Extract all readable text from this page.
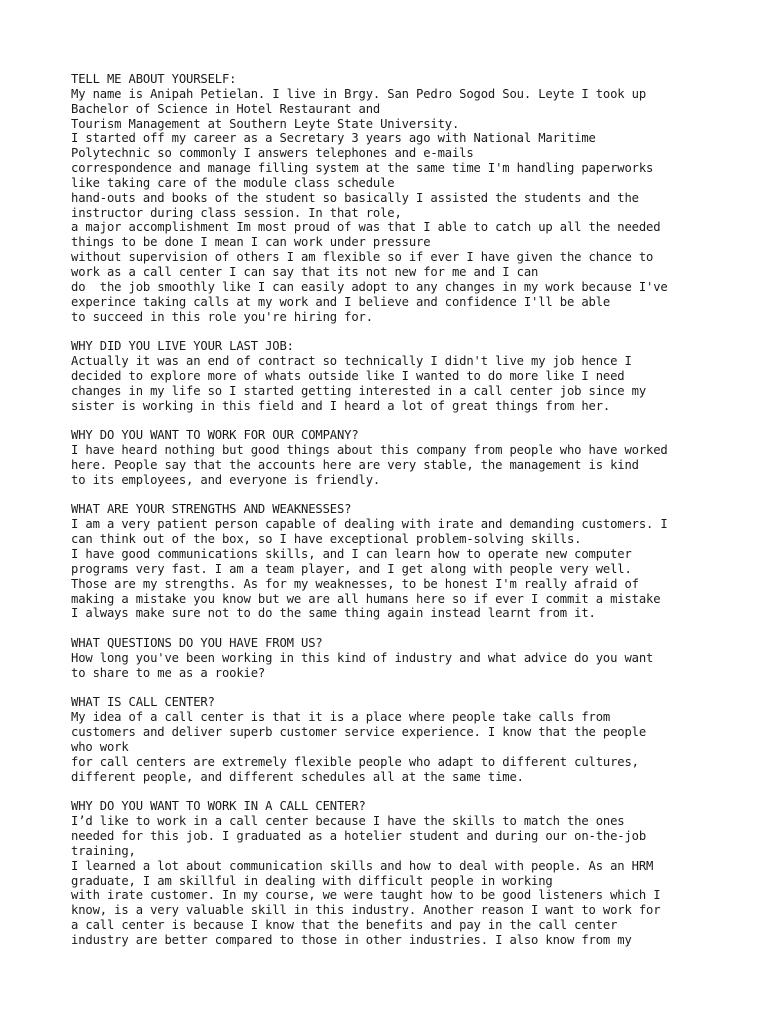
TELL ME ABOUT YOURSELF:
My name is Anipah Petielan. I live in Brgy. San Pedro Sogod Sou. Leyte I took up
Bachelor of Science in Hotel Restaurant and
Tourism Management at Southern Leyte State University.
I started off my career as a Secretary 3 years ago with National Maritime
Polytechnic so commonly I answers telephones and e-mails
correspondence and manage filling system at the same time I'm handling paperworks
like taking care of the module class schedule
hand-outs and books of the student so basically I assisted the students and the
instructor during class session. In that role,
a major accomplishment Im most proud of was that I able to catch up all the needed
things to be done I mean I can work under pressure
without supervision of others I am flexible so if ever I have given the chance to
work as a call center I can say that its not new for me and I can
do  the job smoothly like I can easily adopt to any changes in my work because I've
experince taking calls at my work and I believe and confidence I'll be able
to succeed in this role you're hiring for.
WHY DID YOU LIVE YOUR LAST JOB:
Actually it was an end of contract so technically I didn't live my job hence I
decided to explore more of whats outside like I wanted to do more like I need
changes in my life so I started getting interested in a call center job since my
sister is working in this field and I heard a lot of great things from her.
WHY DO YOU WANT TO WORK FOR OUR COMPANY?
I have heard nothing but good things about this company from people who have worked
here. People say that the accounts here are very stable, the management is kind
to its employees, and everyone is friendly.
WHAT ARE YOUR STRENGTHS AND WEAKNESSES?
I am a very patient person capable of dealing with irate and demanding customers. I
can think out of the box, so I have exceptional problem-solving skills.
I have good communications skills, and I can learn how to operate new computer
programs very fast. I am a team player, and I get along with people very well.
Those are my strengths. As for my weaknesses, to be honest I'm really afraid of
making a mistake you know but we are all humans here so if ever I commit a mistake
I always make sure not to do the same thing again instead learnt from it.
WHAT QUESTIONS DO YOU HAVE FROM US?
How long you've been working in this kind of industry and what advice do you want
to share to me as a rookie?
WHAT IS CALL CENTER?
My idea of a call center is that it is a place where people take calls from
customers and deliver superb customer service experience. I know that the people
who work
for call centers are extremely flexible people who adapt to different cultures,
different people, and different schedules all at the same time.
WHY DO YOU WANT TO WORK IN A CALL CENTER?
I’d like to work in a call center because I have the skills to match the ones
needed for this job. I graduated as a hotelier student and during our on-the-job
training,
I learned a lot about communication skills and how to deal with people. As an HRM
graduate, I am skillful in dealing with difficult people in working
with irate customer. In my course, we were taught how to be good listeners which I
know, is a very valuable skill in this industry. Another reason I want to work for
a call center is because I know that the benefits and pay in the call center
industry are better compared to those in other industries. I also know from my
